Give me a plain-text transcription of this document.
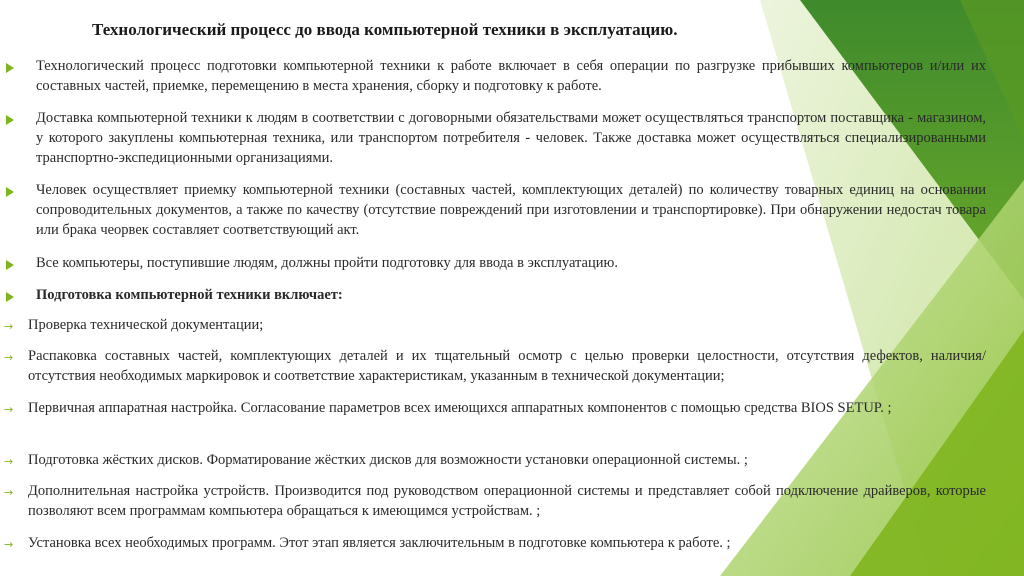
Технологический процесс до ввода компьютерной техники в эксплуатацию.
Технологический процесс подготовки компьютерной техники к работе включает в себя операции по разгрузке прибывших компьютеров и/или их составных частей, приемке, перемещению в места хранения, сборку и подготовку к работе.
Доставка компьютерной техники к людям в соответствии с договорными обязательствами может осуществляться транспортом поставщика - магазином, у которого закуплены компьютерная техника, или транспортом потребителя - человек. Также доставка может осуществляться специализированными транспортно-экспедиционными организациями.
Человек осуществляет приемку компьютерной техники (составных частей, комплектующих деталей) по количеству товарных единиц на основании сопроводительных документов, а также по качеству (отсутствие повреждений при изготовлении и транспортировке). При обнаружении недостач товара или брака чеорвек составляет соответствующий акт.
Все компьютеры, поступившие людям, должны пройти подготовку для ввода в эксплуатацию.
Подготовка компьютерной техники включает:
→ Проверка технической документации;
→ Распаковка составных частей, комплектующих деталей и их тщательный осмотр с целью проверки целостности, отсутствия дефектов, наличия/отсутствия необходимых маркировок и соответствие характеристикам, указанным в технической документации;
→ Первичная аппаратная настройка. Согласование параметров всех имеющихся аппаратных компонентов с помощью средства BIOS SETUP. ;
→ Подготовка жёстких дисков. Форматирование жёстких дисков для возможности установки операционной системы. ;
→ Дополнительная настройка устройств. Производится под руководством операционной системы и представляет собой подключение драйверов, которые позволяют всем программам компьютера обращаться к имеющимся устройствам. ;
→ Установка всех необходимых программ. Этот этап является заключительным в подготовке компьютера к работе. ;
